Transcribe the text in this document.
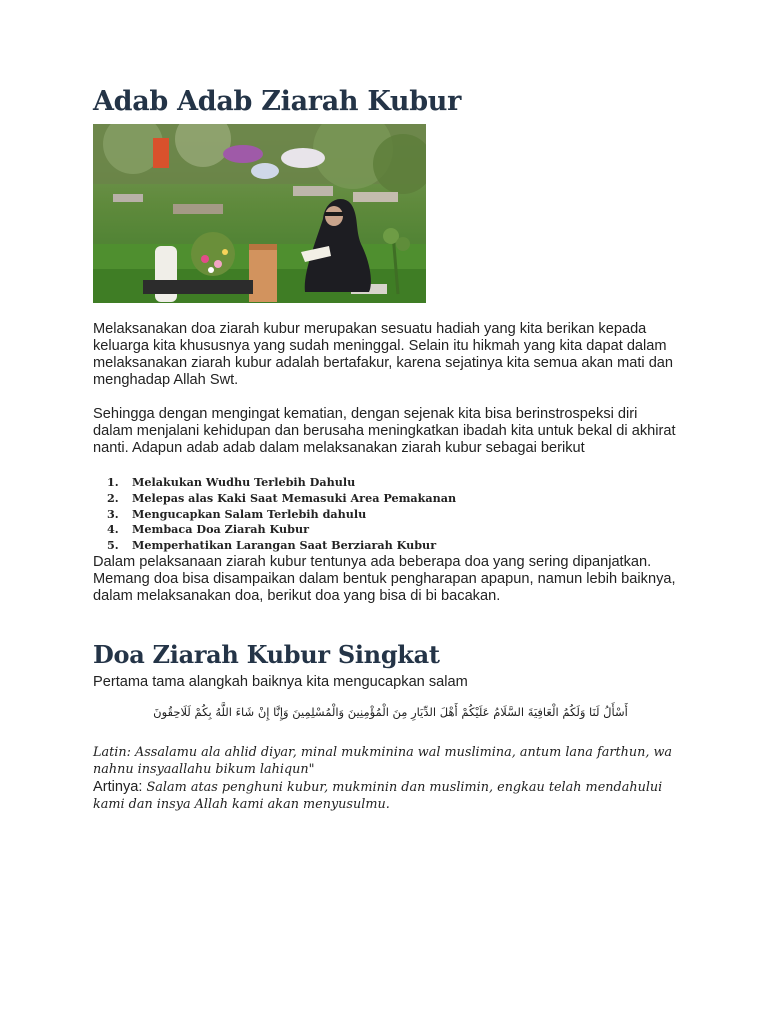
Adab Adab Ziarah Kubur

Melaksanakan doa ziarah kubur merupakan sesuatu hadiah yang kita berikan kepada keluarga kita khususnya yang sudah meninggal. Selain itu hikmah yang kita dapat dalam melaksanakan ziarah kubur adalah bertafakur, karena sejatinya kita semua akan mati dan menghadap Allah Swt.

Sehingga dengan mengingat kematian, dengan sejenak kita bisa berinstrospeksi diri dalam menjalani kehidupan dan berusaha meningkatkan ibadah kita untuk bekal di akhirat nanti. Adapun adab adab dalam melaksanakan ziarah kubur sebagai berikut

1. Melakukan Wudhu Terlebih Dahulu
2. Melepas alas Kaki Saat Memasuki Area Pemakanan
3. Mengucapkan Salam Terlebih dahulu
4. Membaca Doa Ziarah Kubur
5. Memperhatikan Larangan Saat Berziarah Kubur

Dalam pelaksanaan ziarah kubur tentunya ada beberapa doa yang sering dipanjatkan. Memang doa bisa disampaikan dalam bentuk pengharapan apapun, namun lebih baiknya, dalam melaksanakan doa, berikut doa yang bisa di bi bacakan.

Doa Ziarah Kubur Singkat

Pertama tama alangkah baiknya kita mengucapkan salam

أَسْأَلُ لَنَا وَلَكُمُ الْعَافِيَةَ السَّلَامُ عَلَيْكُمْ أَهْلَ الدِّيَارِ مِنَ الْمُؤْمِنِينَ وَالْمُسْلِمِينَ وَإِنَّا إِنْ شَاءَ اللَّهُ بِكُمْ لَلَاحِقُونَ

Latin: Assalamu ala ahlid diyar, minal mukminina wal muslimina, antum lana farthun, wa nahnu insyaallahu bikum lahiqun"

Artinya: Salam atas penghuni kubur, mukminin dan muslimin, engkau telah mendahului kami dan insya Allah kami akan menyusulmu.
